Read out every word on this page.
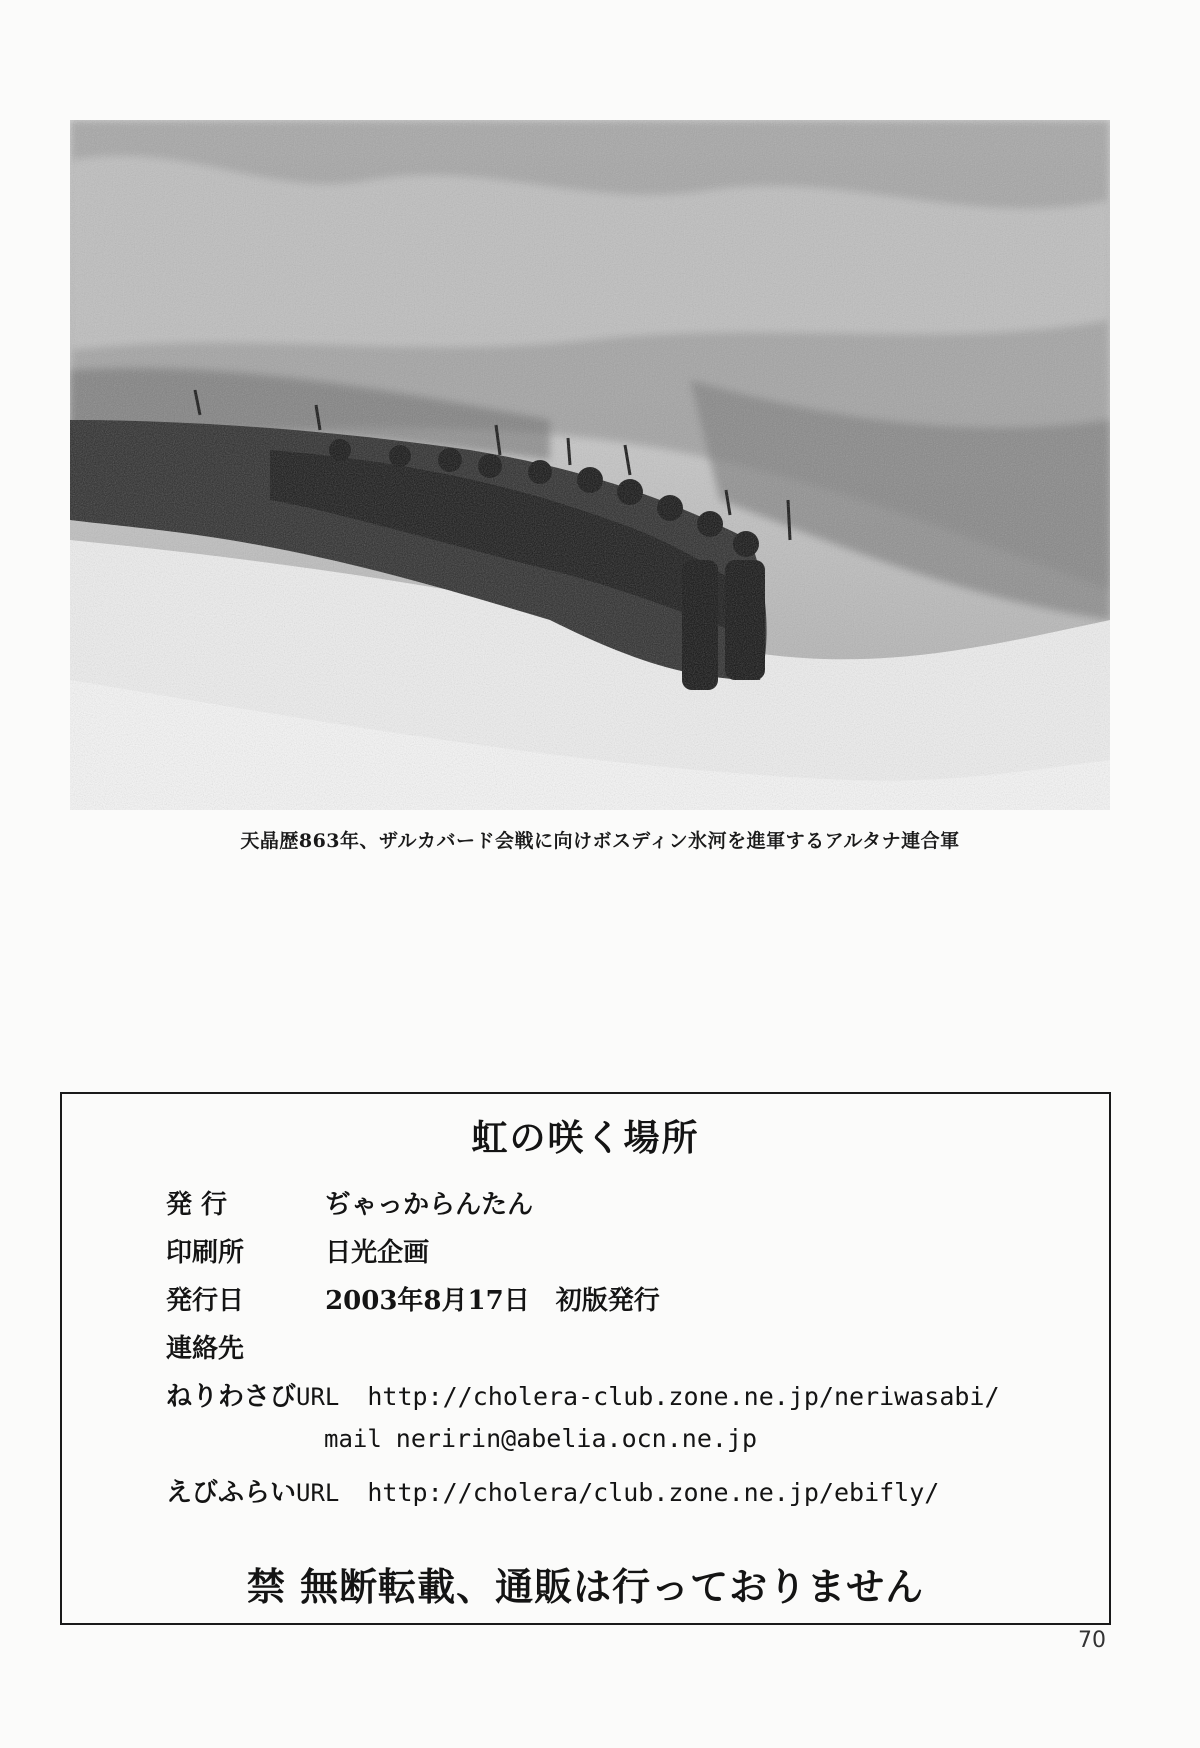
天晶歴863年、ザルカバード会戦に向けボスディン氷河を進軍するアルタナ連合軍
虹の咲く場所
発 行	ぢゃっからんたん
印刷所	日光企画
発行日	2003年8月17日　初版発行
連絡先
ねりわさびURL http://cholera-club.zone.ne.jp/neriwasabi/
mail neririn@abelia.ocn.ne.jp
えびふらいURL http://cholera/club.zone.ne.jp/ebifly/
禁 無断転載、通販は行っておりません
70
